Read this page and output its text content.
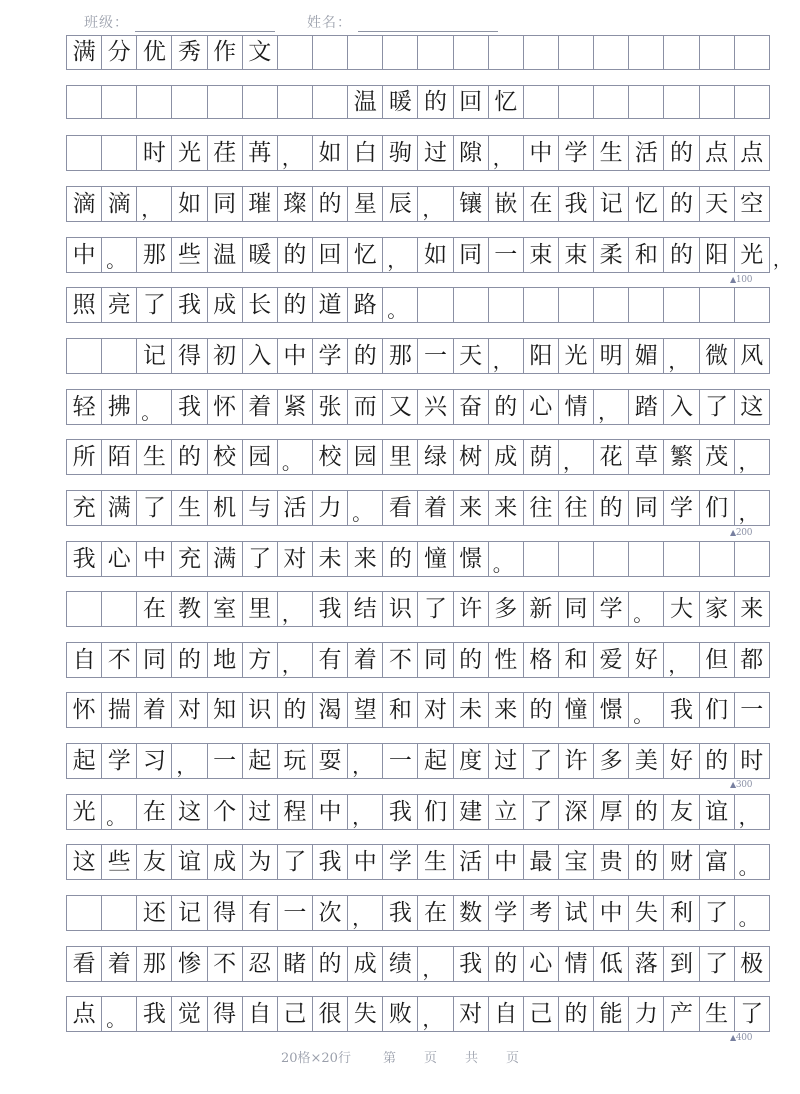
班级：	姓名：
满 分 优 秀 作 文
温 暖 的 回 忆
时 光 荏 苒 ， 如 白 驹 过 隙 ， 中 学 生 活 的 点 点
滴 滴 ， 如 同 璀 璨 的 星 辰 ， 镶 嵌 在 我 记 忆 的 天 空
中 。 那 些 温 暖 的 回 忆 ， 如 同 一 束 束 柔 和 的 阳 光
照 亮 了 我 成 长 的 道 路 。
记 得 初 入 中 学 的 那 一 天 ， 阳 光 明 媚 ， 微 风
轻 拂 。 我 怀 着 紧 张 而 又 兴 奋 的 心 情 ， 踏 入 了 这
所 陌 生 的 校 园 。 校 园 里 绿 树 成 荫 ， 花 草 繁 茂 ，
充 满 了 生 机 与 活 力 。 看 着 来 来 往 往 的 同 学 们 ，
我 心 中 充 满 了 对 未 来 的 憧 憬 。
在 教 室 里 ， 我 结 识 了 许 多 新 同 学 。 大 家 来
自 不 同 的 地 方 ， 有 着 不 同 的 性 格 和 爱 好 ， 但 都
怀 揣 着 对 知 识 的 渴 望 和 对 未 来 的 憧 憬 。 我 们 一
起 学 习 ， 一 起 玩 耍 ， 一 起 度 过 了 许 多 美 好 的 时
光 。 在 这 个 过 程 中 ， 我 们 建 立 了 深 厚 的 友 谊 ，
这 些 友 谊 成 为 了 我 中 学 生 活 中 最 宝 贵 的 财 富 。
还 记 得 有 一 次 ， 我 在 数 学 考 试 中 失 利 了 。
看 着 那 惨 不 忍 睹 的 成 绩 ， 我 的 心 情 低 落 到 了 极
点 。 我 觉 得 自 己 很 失 败 ， 对 自 己 的 能 力 产 生 了
，
▲100
▲200
▲300
▲400
20格×20行 第 页 共 页
